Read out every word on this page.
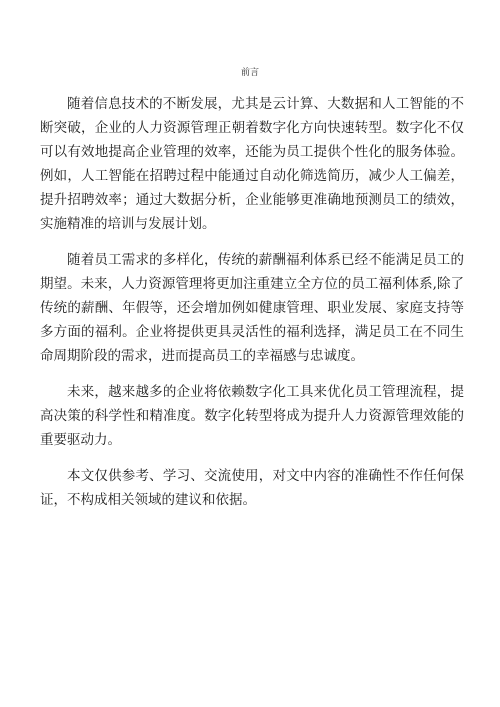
前言

随着信息技术的不断发展，尤其是云计算、大数据和人工智能的不断突破，企业的人力资源管理正朝着数字化方向快速转型。数字化不仅可以有效地提高企业管理的效率，还能为员工提供个性化的服务体验。例如，人工智能在招聘过程中能通过自动化筛选简历，减少人工偏差，提升招聘效率；通过大数据分析，企业能够更准确地预测员工的绩效，实施精准的培训与发展计划。

随着员工需求的多样化，传统的薪酬福利体系已经不能满足员工的期望。未来，人力资源管理将更加注重建立全方位的员工福利体系,除了传统的薪酬、年假等，还会增加例如健康管理、职业发展、家庭支持等多方面的福利。企业将提供更具灵活性的福利选择，满足员工在不同生命周期阶段的需求，进而提高员工的幸福感与忠诚度。

未来，越来越多的企业将依赖数字化工具来优化员工管理流程，提高决策的科学性和精准度。数字化转型将成为提升人力资源管理效能的重要驱动力。

本文仅供参考、学习、交流使用，对文中内容的准确性不作任何保证，不构成相关领域的建议和依据。
